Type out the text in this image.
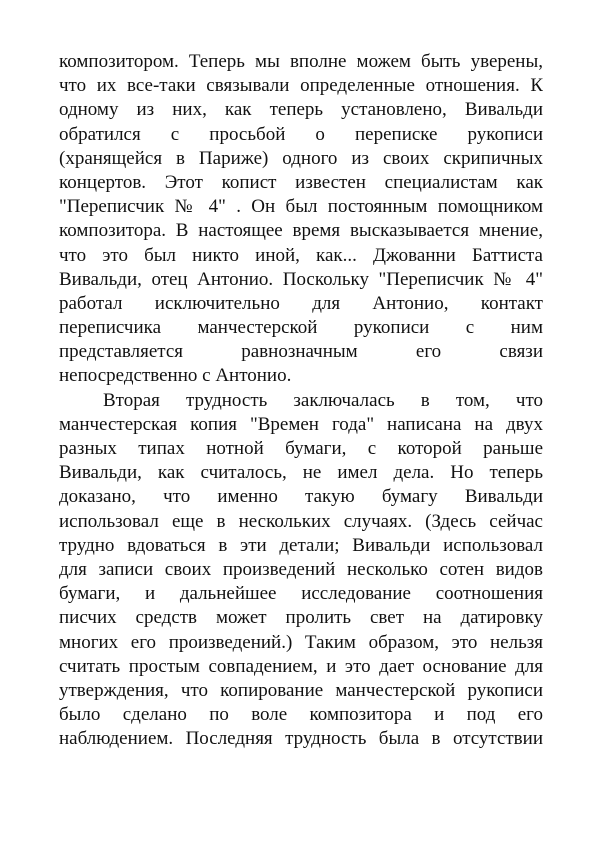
композитором. Теперь мы вполне можем быть уверены,
что их все-таки связывали определенные отношения. К
одному из них, как теперь установлено, Вивальди
обратился с просьбой о переписке рукописи
(хранящейся в Париже) одного из своих скрипичных
концертов. Этот копист известен специалистам как
"Переписчик № 4" . Он был постоянным помощником
композитора. В настоящее время высказывается мнение,
что это был никто иной, как... Джованни Баттиста
Вивальди, отец Антонио. Поскольку "Переписчик № 4"
работал исключительно для Антонио, контакт
переписчика манчестерской рукописи с ним
представляется равнозначным его связи
непосредственно с Антонио.
Вторая трудность заключалась в том, что
манчестерская копия "Времен года" написана на двух
разных типах нотной бумаги, с которой раньше
Вивальди, как считалось, не имел дела. Но теперь
доказано, что именно такую бумагу Вивальди
использовал еще в нескольких случаях. (Здесь сейчас
трудно вдоваться в эти детали; Вивальди использовал
для записи своих произведений несколько сотен видов
бумаги, и дальнейшее исследование соотношения
писчих средств может пролить свет на датировку
многих его произведений.) Таким образом, это нельзя
считать простым совпадением, и это дает основание для
утверждения, что копирование манчестерской рукописи
было сделано по воле композитора и под его
наблюдением. Последняя трудность была в отсутствии
